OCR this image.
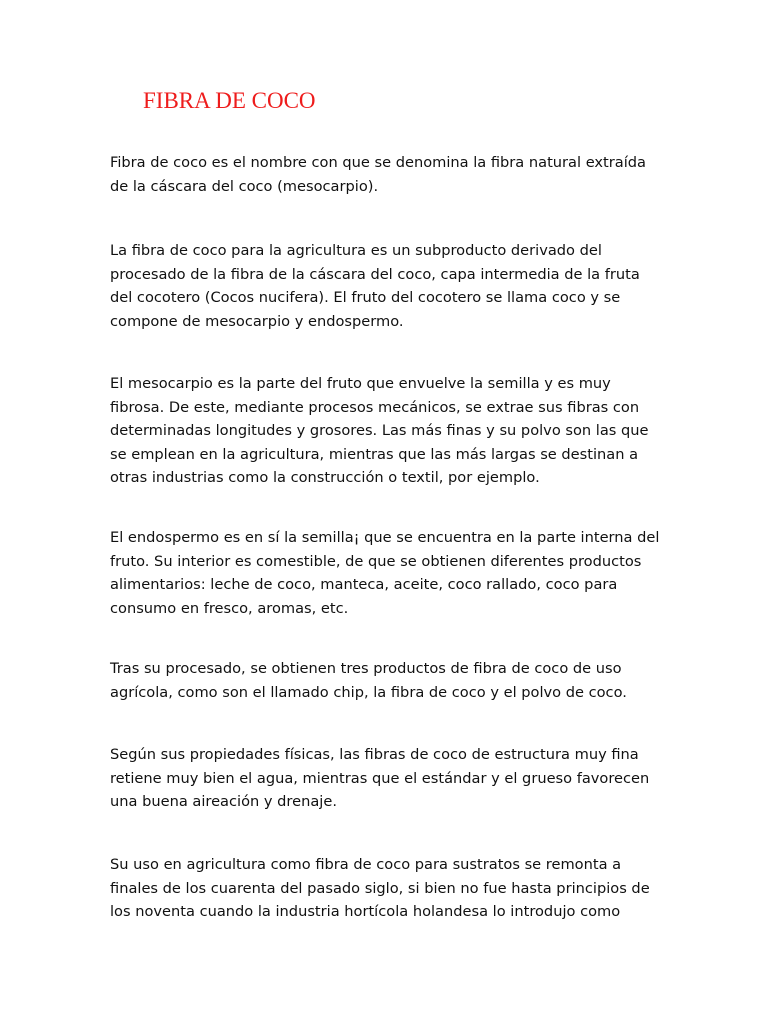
FIBRA DE COCO

Fibra de coco es el nombre con que se denomina la fibra natural extraída
de la cáscara del coco (mesocarpio).

La fibra de coco para la agricultura es un subproducto derivado del
procesado de la fibra de la cáscara del coco, capa intermedia de la fruta
del cocotero (Cocos nucifera). El fruto del cocotero se llama coco y se
compone de mesocarpio y endospermo.

El mesocarpio es la parte del fruto que envuelve la semilla y es muy
fibrosa. De este, mediante procesos mecánicos, se extrae sus fibras con
determinadas longitudes y grosores. Las más finas y su polvo son las que
se emplean en la agricultura, mientras que las más largas se destinan a
otras industrias como la construcción o textil, por ejemplo.

El endospermo es en sí la semilla¡ que se encuentra en la parte interna del
fruto. Su interior es comestible, de que se obtienen diferentes productos
alimentarios: leche de coco, manteca, aceite, coco rallado, coco para
consumo en fresco, aromas, etc.

Tras su procesado, se obtienen tres productos de fibra de coco de uso
agrícola, como son el llamado chip, la fibra de coco y el polvo de coco.

Según sus propiedades físicas, las fibras de coco de estructura muy fina
retiene muy bien el agua, mientras que el estándar y el grueso favorecen
una buena aireación y drenaje.

Su uso en agricultura como fibra de coco para sustratos se remonta a
finales de los cuarenta del pasado siglo, si bien no fue hasta principios de
los noventa cuando la industria hortícola holandesa lo introdujo como
